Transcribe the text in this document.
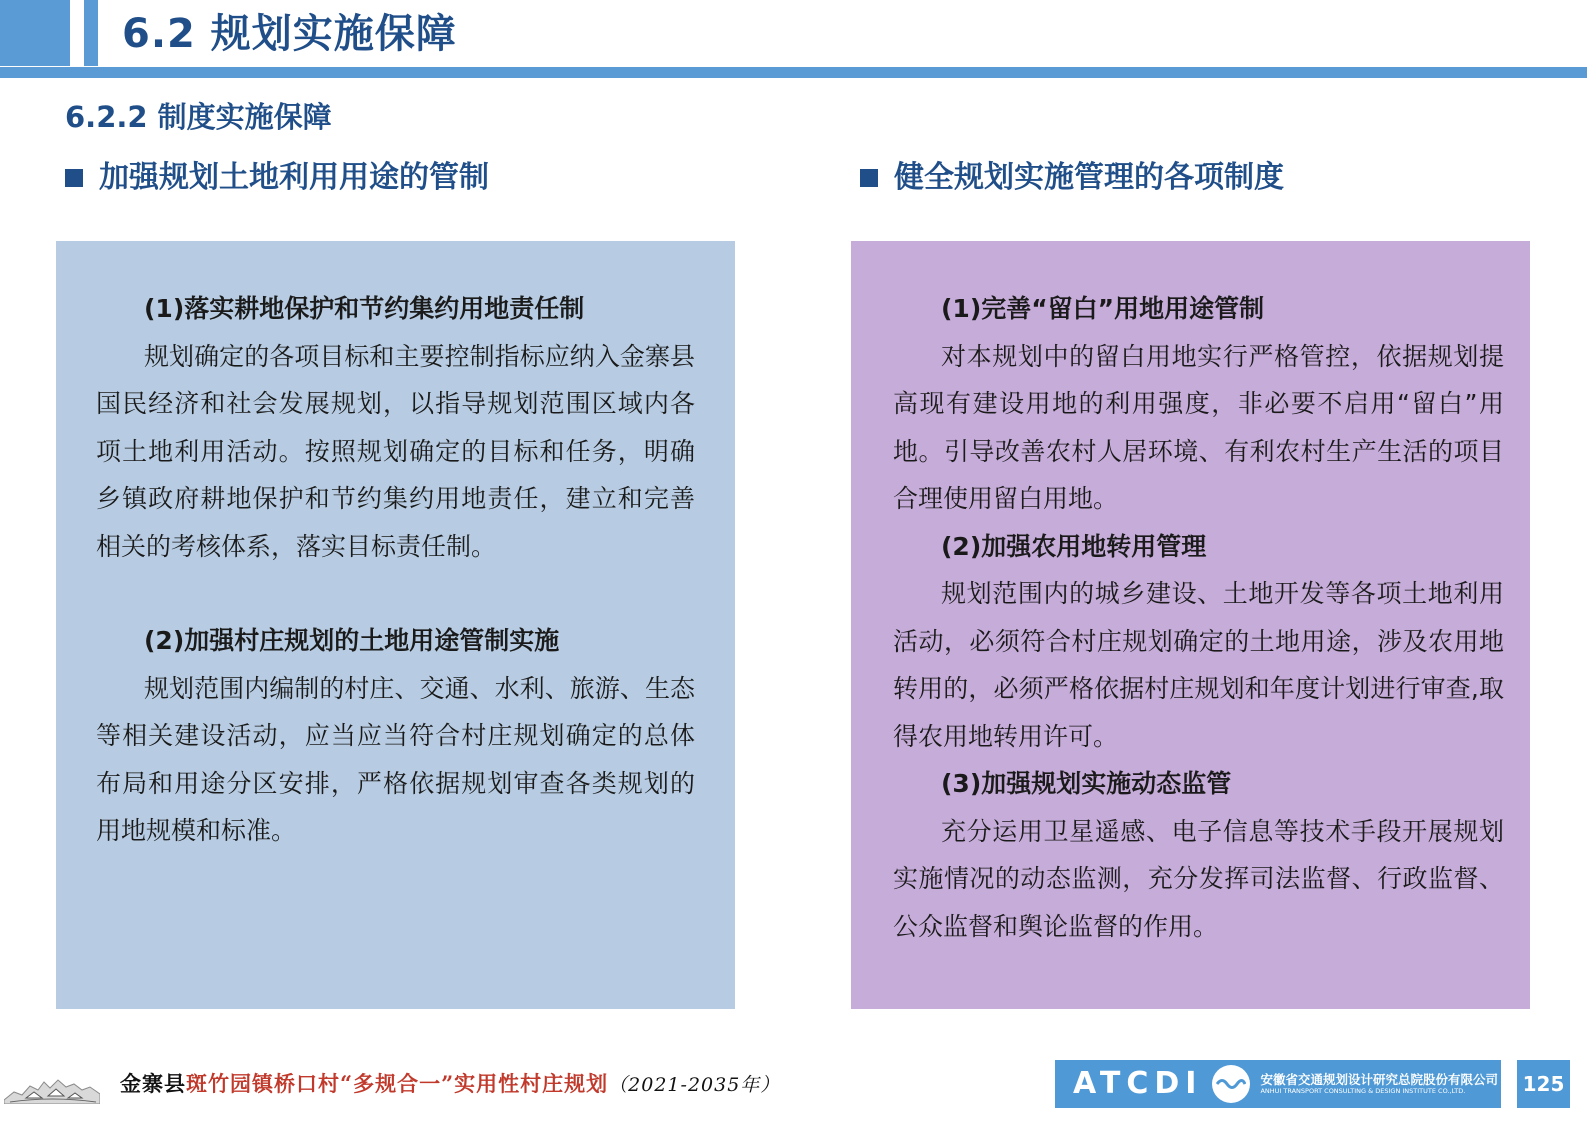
6.2 规划实施保障
6.2.2 制度实施保障
加强规划土地利用用途的管制	健全规划实施管理的各项制度

(1)落实耕地保护和节约集约用地责任制

规划确定的各项目标和主要控制指标应纳入金寨县国民经济和社会发展规划，以指导规划范围区域内各项土地利用活动。按照规划确定的目标和任务，明确乡镇政府耕地保护和节约集约用地责任，建立和完善相关的考核体系，落实目标责任制。

(2)加强村庄规划的土地用途管制实施

规划范围内编制的村庄、交通、水利、旅游、生态等相关建设活动，应当应当符合村庄规划确定的总体布局和用途分区安排，严格依据规划审查各类规划的用地规模和标准。

(1)完善“留白”用地用途管制

对本规划中的留白用地实行严格管控，依据规划提高现有建设用地的利用强度，非必要不启用“留白”用地。引导改善农村人居环境、有利农村生产生活的项目合理使用留白用地。

(2)加强农用地转用管理

规划范围内的城乡建设、土地开发等各项土地利用活动，必须符合村庄规划确定的土地用途，涉及农用地转用的，必须严格依据村庄规划和年度计划进行审查,取得农用地转用许可。

(3)加强规划实施动态监管

充分运用卫星遥感、电子信息等技术手段开展规划实施情况的动态监测，充分发挥司法监督、行政监督、公众监督和舆论监督的作用。

金寨县斑竹园镇桥口村“多规合一”实用性村庄规划（2021-2035年）	ATCDI	安徽省交通规划设计研究总院股份有限公司
ANHUI TRANSPORT CONSULTING & DESIGN INSTITUTE CO.,LTD.	125
